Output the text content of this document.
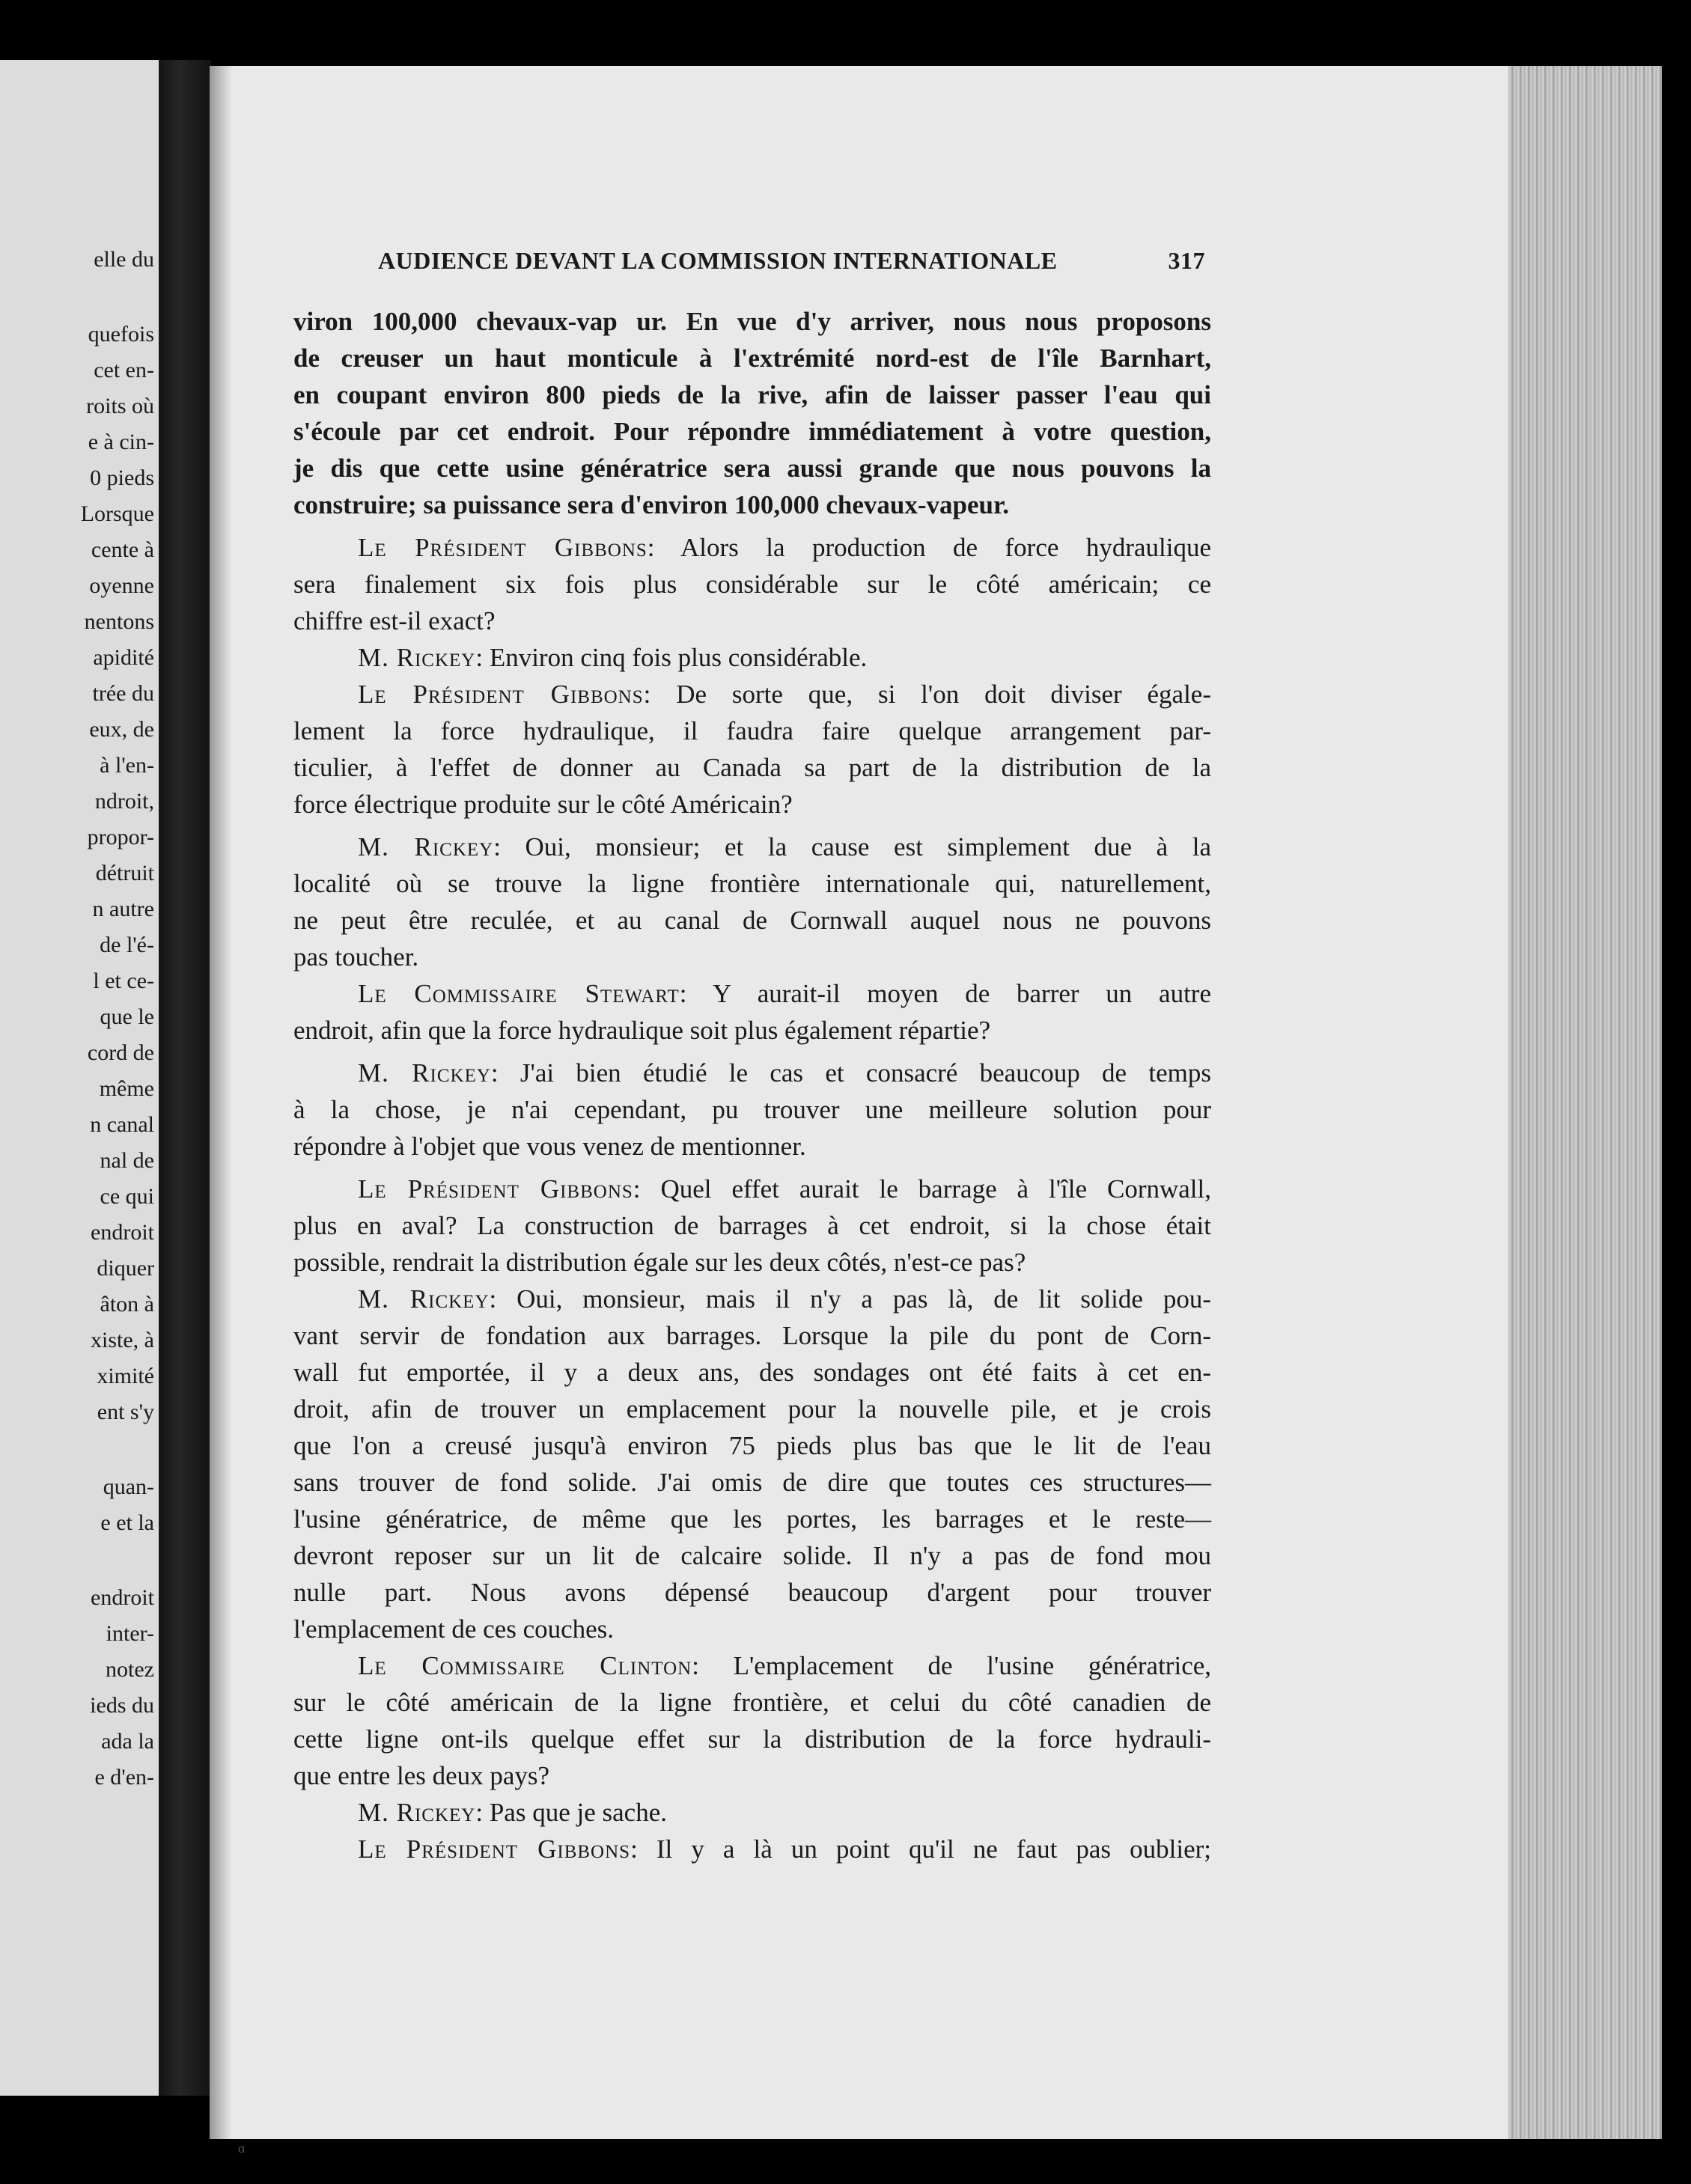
elle du
quefois
cet en-
roits où
e à cin-
0 pieds
Lorsque
cente à
oyenne
nentons
apidité
trée du
eux, de
à l'en-
ndroit,
propor-
détruit
n autre
de l'é-
l et ce-
que le
cord de
même
n canal
nal de
ce qui
endroit
diquer
âton à
xiste, à
ximité
ent s'y
quan-
e et la
endroit
inter-
notez
ieds du
ada la
e d'en-
AUDIENCE DEVANT LA COMMISSION INTERNATIONALE	317
viron 100,000 chevaux-vap ur. En vue d'y arriver, nous nous proposons
de creuser un haut monticule à l'extrémité nord-est de l'île Barnhart,
en coupant environ 800 pieds de la rive, afin de laisser passer l'eau qui
s'écoule par cet endroit. Pour répondre immédiatement à votre question,
je dis que cette usine génératrice sera aussi grande que nous pouvons la
construire; sa puissance sera d'environ 100,000 chevaux-vapeur.
Le Président Gibbons: Alors la production de force hydraulique
sera finalement six fois plus considérable sur le côté américain; ce
chiffre est-il exact?
M. Rickey: Environ cinq fois plus considérable.
Le Président Gibbons: De sorte que, si l'on doit diviser égale-
lement la force hydraulique, il faudra faire quelque arrangement par-
ticulier, à l'effet de donner au Canada sa part de la distribution de la
force électrique produite sur le côté Américain?
M. Rickey: Oui, monsieur; et la cause est simplement due à la
localité où se trouve la ligne frontière internationale qui, naturellement,
ne peut être reculée, et au canal de Cornwall auquel nous ne pouvons
pas toucher.
Le Commissaire Stewart: Y aurait-il moyen de barrer un autre
endroit, afin que la force hydraulique soit plus également répartie?
M. Rickey: J'ai bien étudié le cas et consacré beaucoup de temps
à la chose, je n'ai cependant, pu trouver une meilleure solution pour
répondre à l'objet que vous venez de mentionner.
Le Président Gibbons: Quel effet aurait le barrage à l'île Cornwall,
plus en aval? La construction de barrages à cet endroit, si la chose était
possible, rendrait la distribution égale sur les deux côtés, n'est-ce pas?
M. Rickey: Oui, monsieur, mais il n'y a pas là, de lit solide pou-
vant servir de fondation aux barrages. Lorsque la pile du pont de Corn-
wall fut emportée, il y a deux ans, des sondages ont été faits à cet en-
droit, afin de trouver un emplacement pour la nouvelle pile, et je crois
que l'on a creusé jusqu'à environ 75 pieds plus bas que le lit de l'eau
sans trouver de fond solide. J'ai omis de dire que toutes ces structures—
l'usine génératrice, de même que les portes, les barrages et le reste—
devront reposer sur un lit de calcaire solide. Il n'y a pas de fond mou
nulle part. Nous avons dépensé beaucoup d'argent pour trouver
l'emplacement de ces couches.
Le Commissaire Clinton: L'emplacement de l'usine génératrice,
sur le côté américain de la ligne frontière, et celui du côté canadien de
cette ligne ont-ils quelque effet sur la distribution de la force hydrauli-
que entre les deux pays?
M. Rickey: Pas que je sache.
Le Président Gibbons: Il y a là un point qu'il ne faut pas oublier;
ɑ
